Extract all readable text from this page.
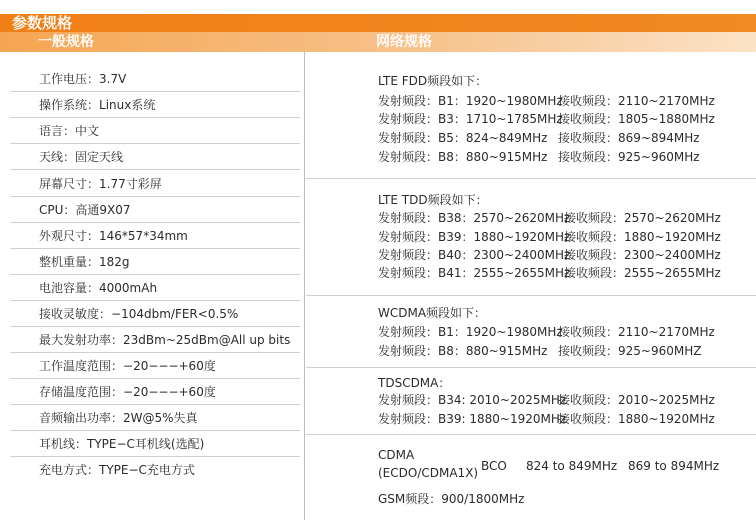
参数规格
一般规格	网络规格
工作电压：3.7V
操作系统：Linux系统
语言：中文
天线：固定天线
屏幕尺寸：1.77寸彩屏
CPU：高通9X07
外观尺寸：146*57*34mm
整机重量：182g
电池容量：4000mAh
接收灵敏度：−104dbm/FER<0.5%
最大发射功率：23dBm~25dBm@All up bits
工作温度范围：−20−−−+60度
存储温度范围：−20−−−+60度
音频输出功率：2W@5%失真
耳机线：TYPE−C耳机线(选配)
充电方式：TYPE−C充电方式
LTE FDD频段如下：
发射频段：B1：1920~1980MHz
接收频段：2110~2170MHz
发射频段：B3：1710~1785MHz
接收频段：1805~1880MHz
发射频段：B5：824~849MHz 接收频段：869~894MHz
发射频段：B8：880~915MHz 接收频段：925~960MHz
LTE TDD频段如下：
发射频段：B38：2570~2620MHz
接收频段：2570~2620MHz
发射频段：B39：1880~1920MHz
接收频段：1880~1920MHz
发射频段：B40：2300~2400MHz
接收频段：2300~2400MHz
发射频段：B41：2555~2655MHz
接收频段：2555~2655MHz
WCDMA频段如下：
发射频段：B1：1920~1980MHz
接收频段：2110~2170MHz
发射频段：B8：880~915MHz 接收频段：925~960MHZ
TDSCDMA：
发射频段：B34: 2010~2025MHz
接收频段：2010~2025MHz
发射频段：B39: 1880~1920MHz
接收频段：1880~1920MHz
CDMA
(ECDO/CDMA1X) BCO 824 to 849MHz 869 to 894MHz
GSM频段：900/1800MHz
